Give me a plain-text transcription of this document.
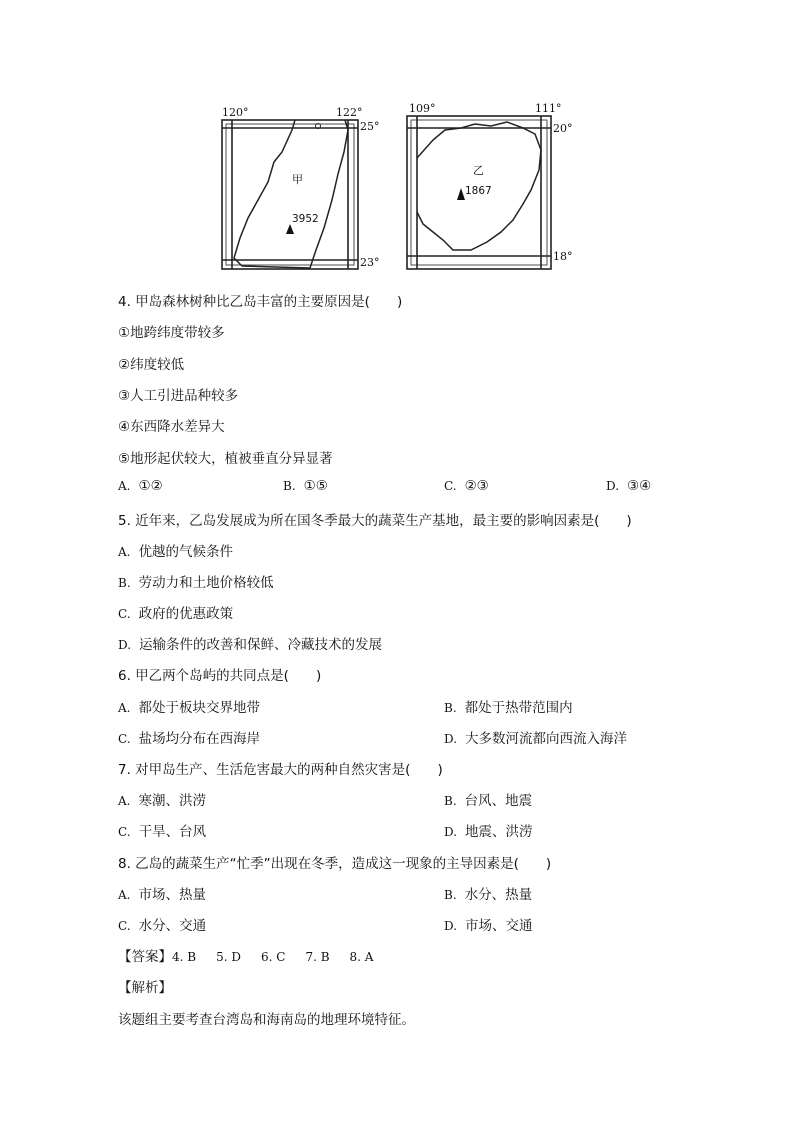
120°	122°
25°
23°
甲
3952
109°	111°
20°
18°
乙
1867
4. 甲岛森林树种比乙岛丰富的主要原因是(　　)
①地跨纬度带较多
②纬度较低
③人工引进品种较多
④东西降水差异大
⑤地形起伏较大，植被垂直分异显著
A. ①②	B. ①⑤	C. ②③	D. ③④
5. 近年来，乙岛发展成为所在国冬季最大的蔬菜生产基地，最主要的影响因素是(　　)
A. 优越的气候条件
B. 劳动力和土地价格较低
C. 政府的优惠政策
D. 运输条件的改善和保鲜、冷藏技术的发展
6. 甲乙两个岛屿的共同点是(　　)
A. 都处于板块交界地带	B. 都处于热带范围内
C. 盐场均分布在西海岸	D. 大多数河流都向西流入海洋
7. 对甲岛生产、生活危害最大的两种自然灾害是(　　)
A. 寒潮、洪涝	B. 台风、地震
C. 干旱、台风	D. 地震、洪涝
8. 乙岛的蔬菜生产“忙季”出现在冬季，造成这一现象的主导因素是(　　)
A. 市场、热量	B. 水分、热量
C. 水分、交通	D. 市场、交通
【答案】4. B 5. D 6. C 7. B 8. A
【解析】
该题组主要考查台湾岛和海南岛的地理环境特征。
